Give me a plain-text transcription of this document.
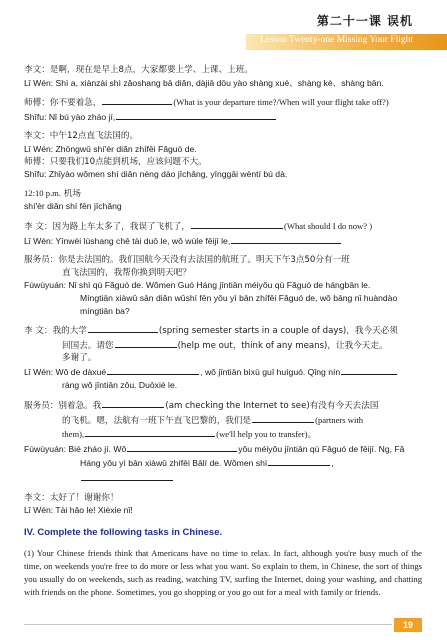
第二十一课 误机
Lesson Twenty-one Missing Your Flight
李文：是啊，现在是早上8点，大家都要上学、上课、上班。
Lǐ Wén: Shì a, xiànzài shì zǎoshang bā diǎn, dàjiā dōu yào shàng xué、shàng kè、shàng bān.
师傅：你不要着急，	(What is your departure time?/When will your flight take off?)
Shīfu: Nǐ bú yào zháo jí,
李文：中午12点直飞法国的。
Lǐ Wén: Zhōngwǔ shí'èr diǎn zhífēi Fǎguó de.
师傅：只要我们10点能到机场，应该问题不大。
Shīfu: Zhǐyào wǒmen shí diǎn néng dào jīchǎng, yīnggāi wèntí bú dà.
12:10 p.m. 机场
shí'èr diǎn shí fēn jīchǎng
李 文：因为路上车太多了，我误了飞机了，	(What should I do now? )
Lǐ Wén: Yīnwèi lùshang chē tài duō le, wǒ wùle fēijī le,
服务员：你是去法国的。我们国航今天没有去法国的航班了。明天下午3点50分有一班
直飞法国的，我帮你换到明天吧？
Fúwùyuán: Nǐ shì qù Fǎguó de. Wǒmen Guó Háng jīntiān méiyǒu qù Fǎguó de hángbān le.
Míngtiān xiàwǔ sān diǎn wǔshí fēn yǒu yì bān zhífēi Fǎguó de, wǒ bāng nǐ huàndào
míngtiān ba?
李 文：我的大学	(spring semester starts in a couple of days)，我今天必须
回国去。请您	(help me out，think of any means)，让我今天走。
多谢了。
Lǐ Wén: Wǒ de dàxué	, wǒ jīntiān bìxū guī huíguó. Qǐng nín
ràng wǒ jīntiān zǒu. Duōxiè le.
服务员：别着急。我	(am checking the Internet to see)有没有今天去法国
的飞机。嗯，法航有一班下午直飞巴黎的，我们是	(partners with
them),	(we'll help you to transfer)。
Fúwùyuán: Bié zháo jí. Wǒ	yǒu méiyǒu jīntiān qù Fǎguó de fēijī. Ng, Fǎ
Háng yǒu yì bān xiàwǔ zhífēi Bālí de. Wǒmen shì	,
李文：太好了！谢谢你！
Lǐ Wén: Tài hǎo le! Xièxie nǐ!
IV. Complete the following tasks in Chinese.
(1) Your Chinese friends think that Americans have no time to relax. In fact, although you're busy much of the time, on weekends you're free to do more or less what you want. So explain to them, in Chinese, the sort of things you usually do on weekends, such as reading, watching TV, surfing the Internet, doing your washing, and chatting with friends on the phone. Sometimes, you go shopping or you go out for a meal with family or friends.
19
